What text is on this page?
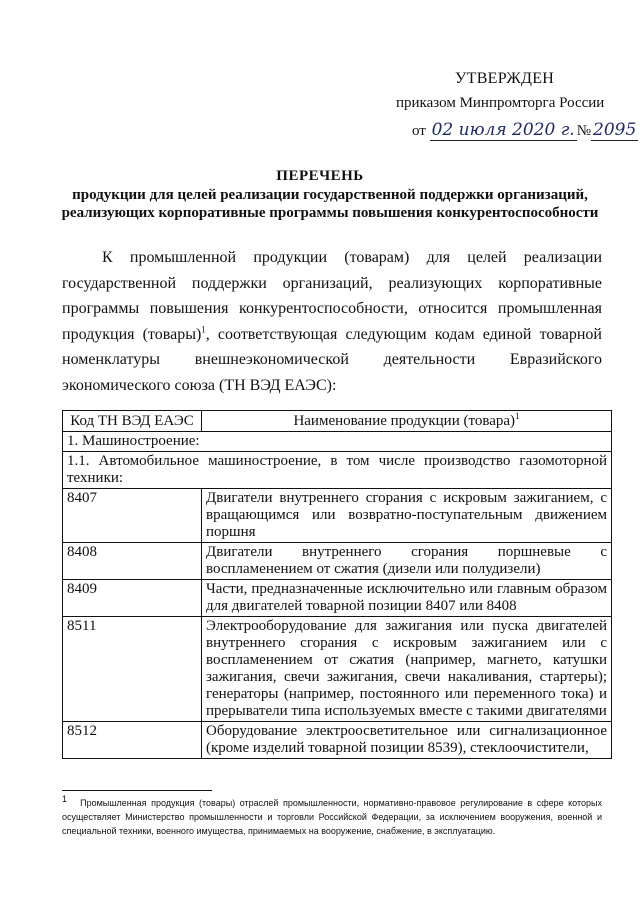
УТВЕРЖДЕН
приказом Минпромторга России
от 02 июля 2020 г. № 2095
ПЕРЕЧЕНЬ
продукции для целей реализации государственной поддержки организаций, реализующих корпоративные программы повышения конкурентоспособности
К промышленной продукции (товарам) для целей реализации государственной поддержки организаций, реализующих корпоративные программы повышения конкурентоспособности, относится промышленная продукция (товары)$^1$, соответствующая следующим кодам единой товарной номенклатуры внешнеэкономической деятельности Евразийского экономического союза (ТН ВЭД ЕАЭС):
Код ТН ВЭД ЕАЭС	Наименование продукции (товара)$^1$
1. Машиностроение:	
1.1. Автомобильное машиностроение, в том числе производство газомоторной техники:	
8407	Двигатели внутреннего сгорания с искровым зажиганием, с вращающимся или возвратно-поступательным движением поршня
8408	Двигатели внутреннего сгорания поршневые с воспламенением от сжатия (дизели или полудизели)
8409	Части, предназначенные исключительно или главным образом для двигателей товарной позиции 8407 или 8408
8511	Электрооборудование для зажигания или пуска двигателей внутреннего сгорания с искровым зажиганием или с воспламенением от сжатия (например, магнето, катушки зажигания, свечи зажигания, свечи накаливания, стартеры); генераторы (например, постоянного или переменного тока) и прерыватели типа используемых вместе с такими двигателями
8512	Оборудование электроосветительное или сигнализационное (кроме изделий товарной позиции 8539), стеклоочистители,
1	Промышленная продукция (товары) отраслей промышленности, нормативно-правовое регулирование в сфере которых осуществляет Министерство промышленности и торговли Российской Федерации, за исключением вооружения, военной и специальной техники, военного имущества, принимаемых на вооружение, снабжение, в эксплуатацию.
